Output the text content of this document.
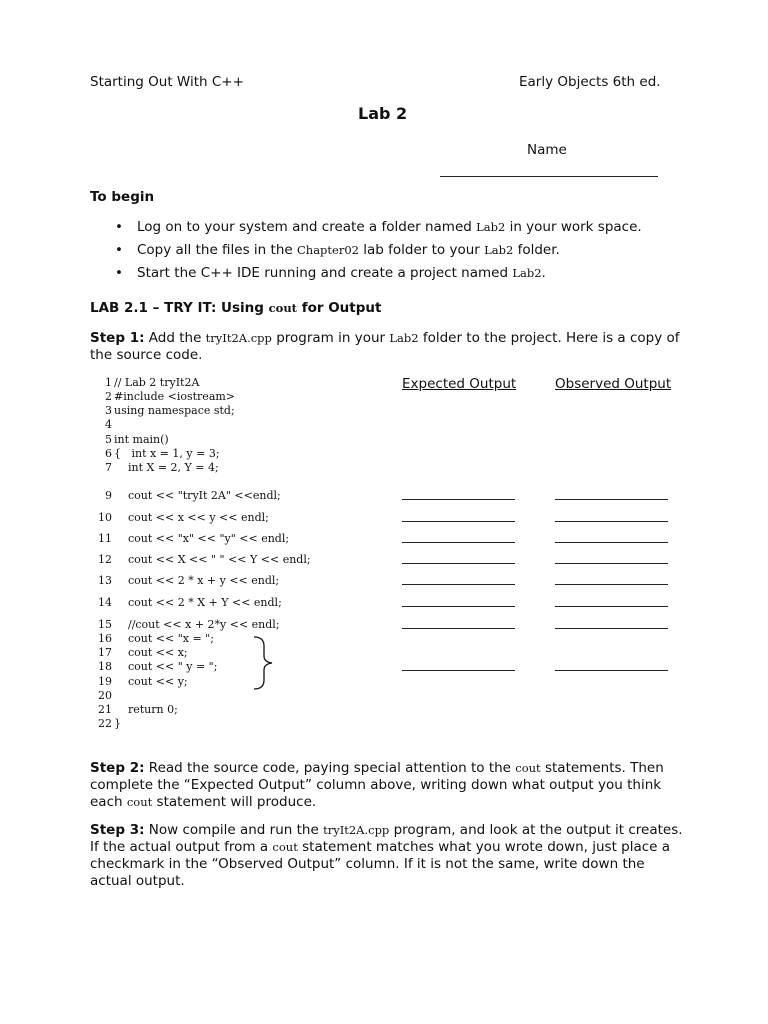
Starting Out With C++	Early Objects 6th ed.
Lab 2
Name
To begin
• Log on to your system and create a folder named Lab2 in your work space.
• Copy all the files in the Chapter02 lab folder to your Lab2 folder.
• Start the C++ IDE running and create a project named Lab2.
LAB 2.1 – TRY IT: Using cout for Output

Step 1: Add the tryIt2A.cpp program in your Lab2 folder to the project. Here is a copy of the source code.

Expected Output	Observed Output
1 // Lab 2 tryIt2A
2 #include <iostream>
3 using namespace std;
4
5 int main()
6 {   int x = 1, y = 3;
7    int X = 2, Y = 4;
9    cout << "tryIt 2A" <<endl;
10    cout << x << y << endl;
11    cout << "x" << "y" << endl;
12    cout << X << " " << Y << endl;
13    cout << 2 * x + y << endl;
14    cout << 2 * X + Y << endl;
15    //cout << x + 2*y << endl;
16    cout << "x = ";
17    cout << x;
18    cout << " y = ";
19    cout << y;
20
21    return 0;
22 }

Step 2: Read the source code, paying special attention to the cout statements. Then complete the “Expected Output” column above, writing down what output you think each cout statement will produce.

Step 3: Now compile and run the tryIt2A.cpp program, and look at the output it creates. If the actual output from a cout statement matches what you wrote down, just place a checkmark in the “Observed Output” column. If it is not the same, write down the actual output.
